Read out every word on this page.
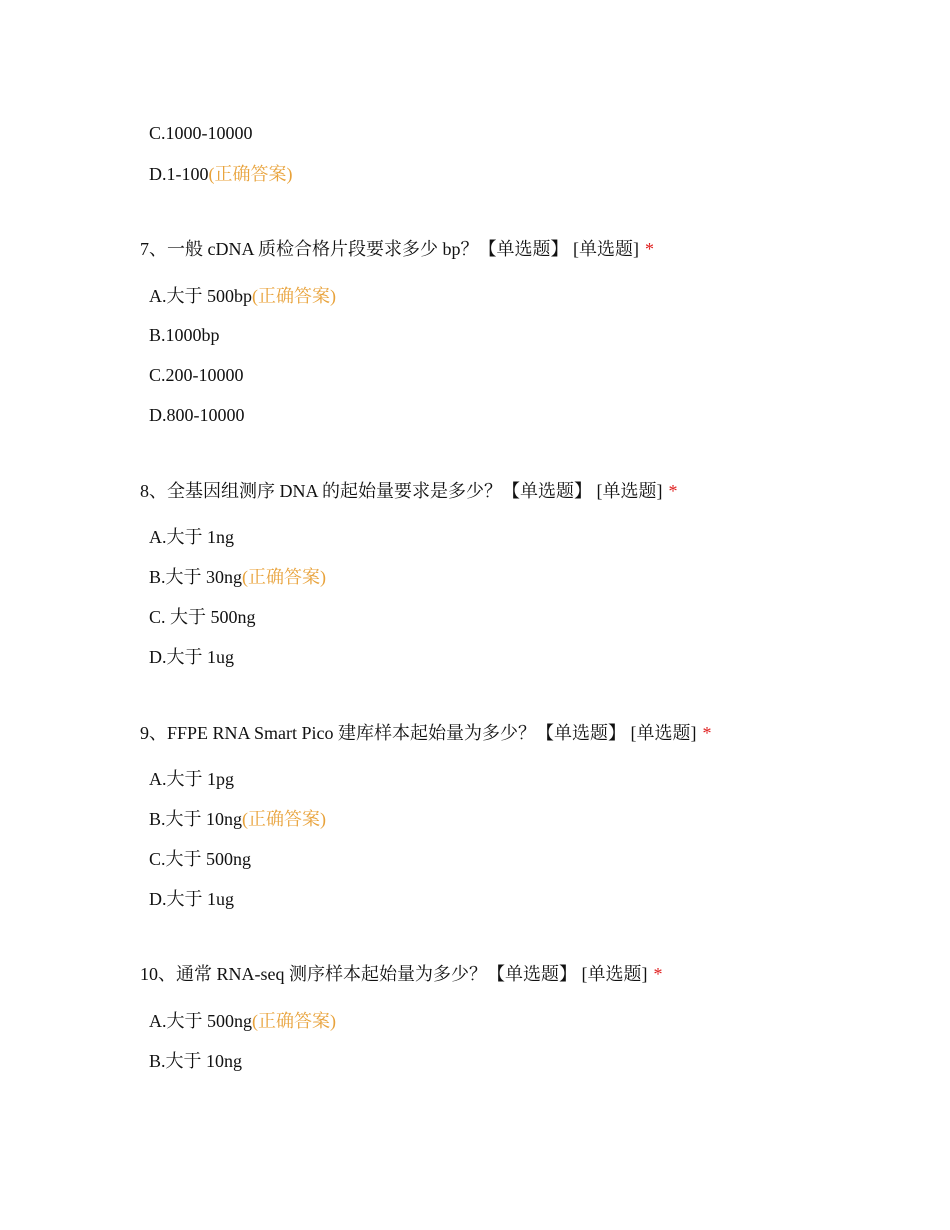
C.1000-10000
D.1-100(正确答案)
7、一般 cDNA 质检合格片段要求多少 bp？【单选题】 [单选题] *
A.大于 500bp(正确答案)
B.1000bp
C.200-10000
D.800-10000
8、全基因组测序 DNA 的起始量要求是多少？【单选题】 [单选题] *
A.大于 1ng
B.大于 30ng(正确答案)
C. 大于 500ng
D.大于 1ug
9、FFPE RNA Smart Pico 建库样本起始量为多少？【单选题】 [单选题] *
A.大于 1pg
B.大于 10ng(正确答案)
C.大于 500ng
D.大于 1ug
10、通常 RNA-seq 测序样本起始量为多少？【单选题】 [单选题] *
A.大于 500ng(正确答案)
B.大于 10ng
